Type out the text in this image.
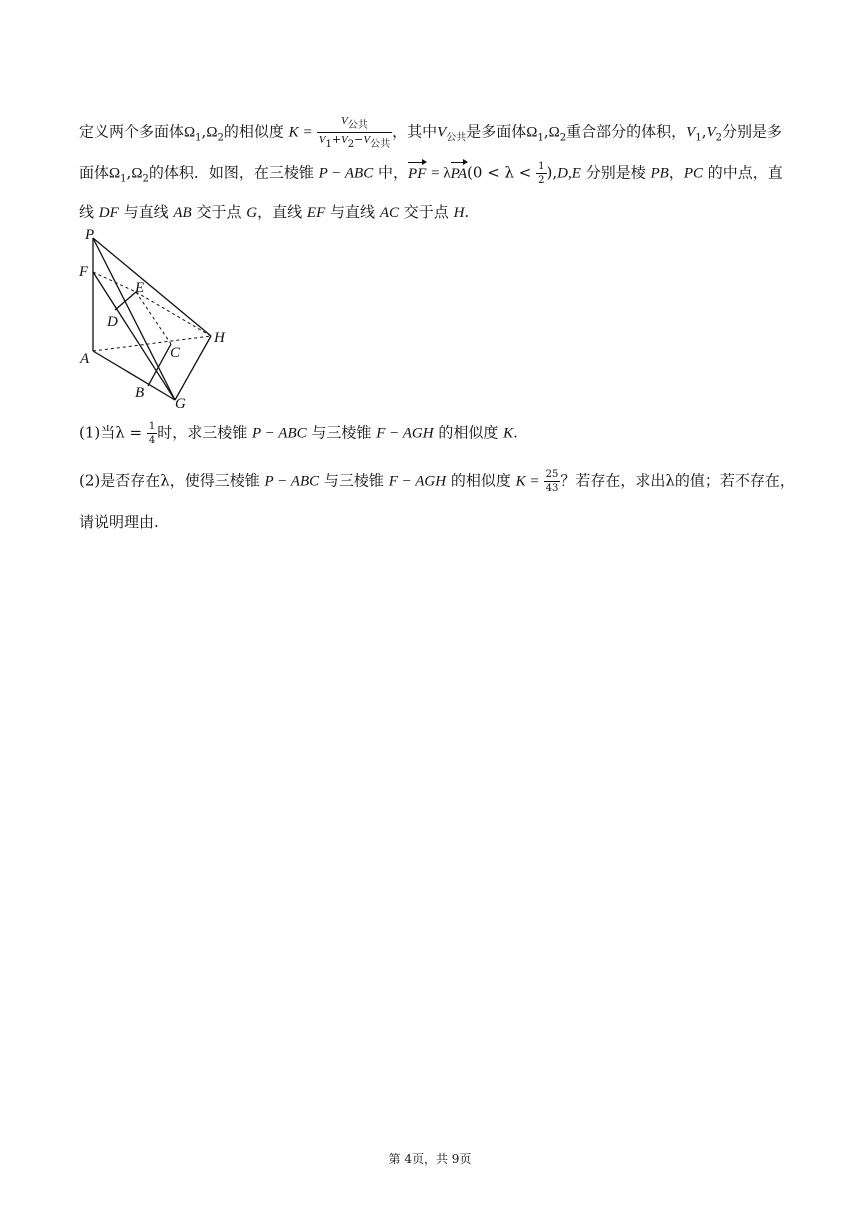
定义两个多面体$\Omega_1,\Omega_2$的相似度 $K = \frac{\text{V公共}}{\text{V1+V2−V公共}}$ ，其中$V_{公共}$是多面体$\Omega_1,\Omega_2$重合部分的体积，$V_1,V_2$分别是多
面体$\Omega_1,\Omega_2$的体积．如图，在三棱锥 P − ABC 中，PF = $\lambda PA(0 < \lambda < \frac{1}{2} ),D,E$ 分别是棱 PB，PC 的中点，直
线 DF 与直线 AB 交于点 G，直线 EF 与直线 AC 交于点 H.
P
F
E
D
H
C
A
B
G
(1)当$\lambda = \frac{1}{4}$ 时，求三棱锥 P − ABC 与三棱锥 F − AGH 的相似度 K.
(2)是否存在λ，使得三棱锥 P − ABC 与三棱锥 F − AGH 的相似度 $K = \frac{25}{43}$ ？若存在，求出λ的值；若不存在，
请说明理由.
第 4页，共 9页
